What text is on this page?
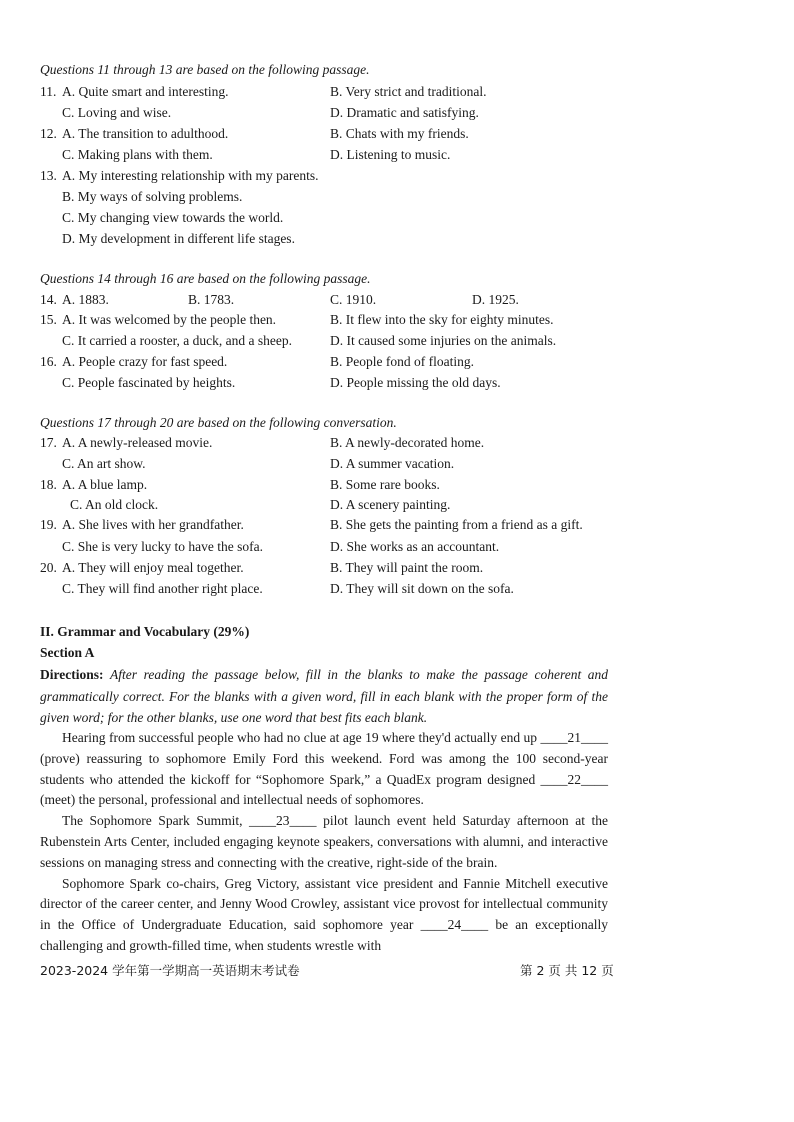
Questions 11 through 13 are based on the following passage.
11. A. Quite smart and interesting.	B. Very strict and traditional.
C. Loving and wise.	D. Dramatic and satisfying.
12. A. The transition to adulthood.	B. Chats with my friends.
C. Making plans with them.	D. Listening to music.
13. A. My interesting relationship with my parents.
B. My ways of solving problems.
C. My changing view towards the world.
D. My development in different life stages.
Questions 14 through 16 are based on the following passage.
14. A. 1883.	B. 1783.	C. 1910.	D. 1925.
15. A. It was welcomed by the people then.	B. It flew into the sky for eighty minutes.
C. It carried a rooster, a duck, and a sheep.	D. It caused some injuries on the animals.
16. A. People crazy for fast speed.	B. People fond of floating.
C. People fascinated by heights.	D. People missing the old days.
Questions 17 through 20 are based on the following conversation.
17. A. A newly-released movie.	B. A newly-decorated home.
C. An art show.	D. A summer vacation.
18. A. A blue lamp.	B. Some rare books.
C. An old clock.	D. A scenery painting.
19. A. She lives with her grandfather.	B. She gets the painting from a friend as a gift.
C. She is very lucky to have the sofa.	D. She works as an accountant.
20. A. They will enjoy meal together.	B. They will paint the room.
C. They will find another right place.	D. They will sit down on the sofa.
II. Grammar and Vocabulary (29%)
Section A
Directions: After reading the passage below, fill in the blanks to make the passage coherent and grammatically correct. For the blanks with a given word, fill in each blank with the proper form of the given word; for the other blanks, use one word that best fits each blank.

Hearing from successful people who had no clue at age 19 where they'd actually end up ____21____ (prove) reassuring to sophomore Emily Ford this weekend. Ford was among the 100 second-year students who attended the kickoff for “Sophomore Spark,” a QuadEx program designed ____22____ (meet) the personal, professional and intellectual needs of sophomores.

The Sophomore Spark Summit, ____23____ pilot launch event held Saturday afternoon at the Rubenstein Arts Center, included engaging keynote speakers, conversations with alumni, and interactive sessions on managing stress and connecting with the creative, right-side of the brain.

Sophomore Spark co-chairs, Greg Victory, assistant vice president and Fannie Mitchell executive director of the career center, and Jenny Wood Crowley, assistant vice provost for intellectual community in the Office of Undergraduate Education, said sophomore year ____24____ be an exceptionally challenging and growth-filled time, when students wrestle with

2023-2024 学年第一学期高一英语期末考试卷	第 2 页 共 12 页
